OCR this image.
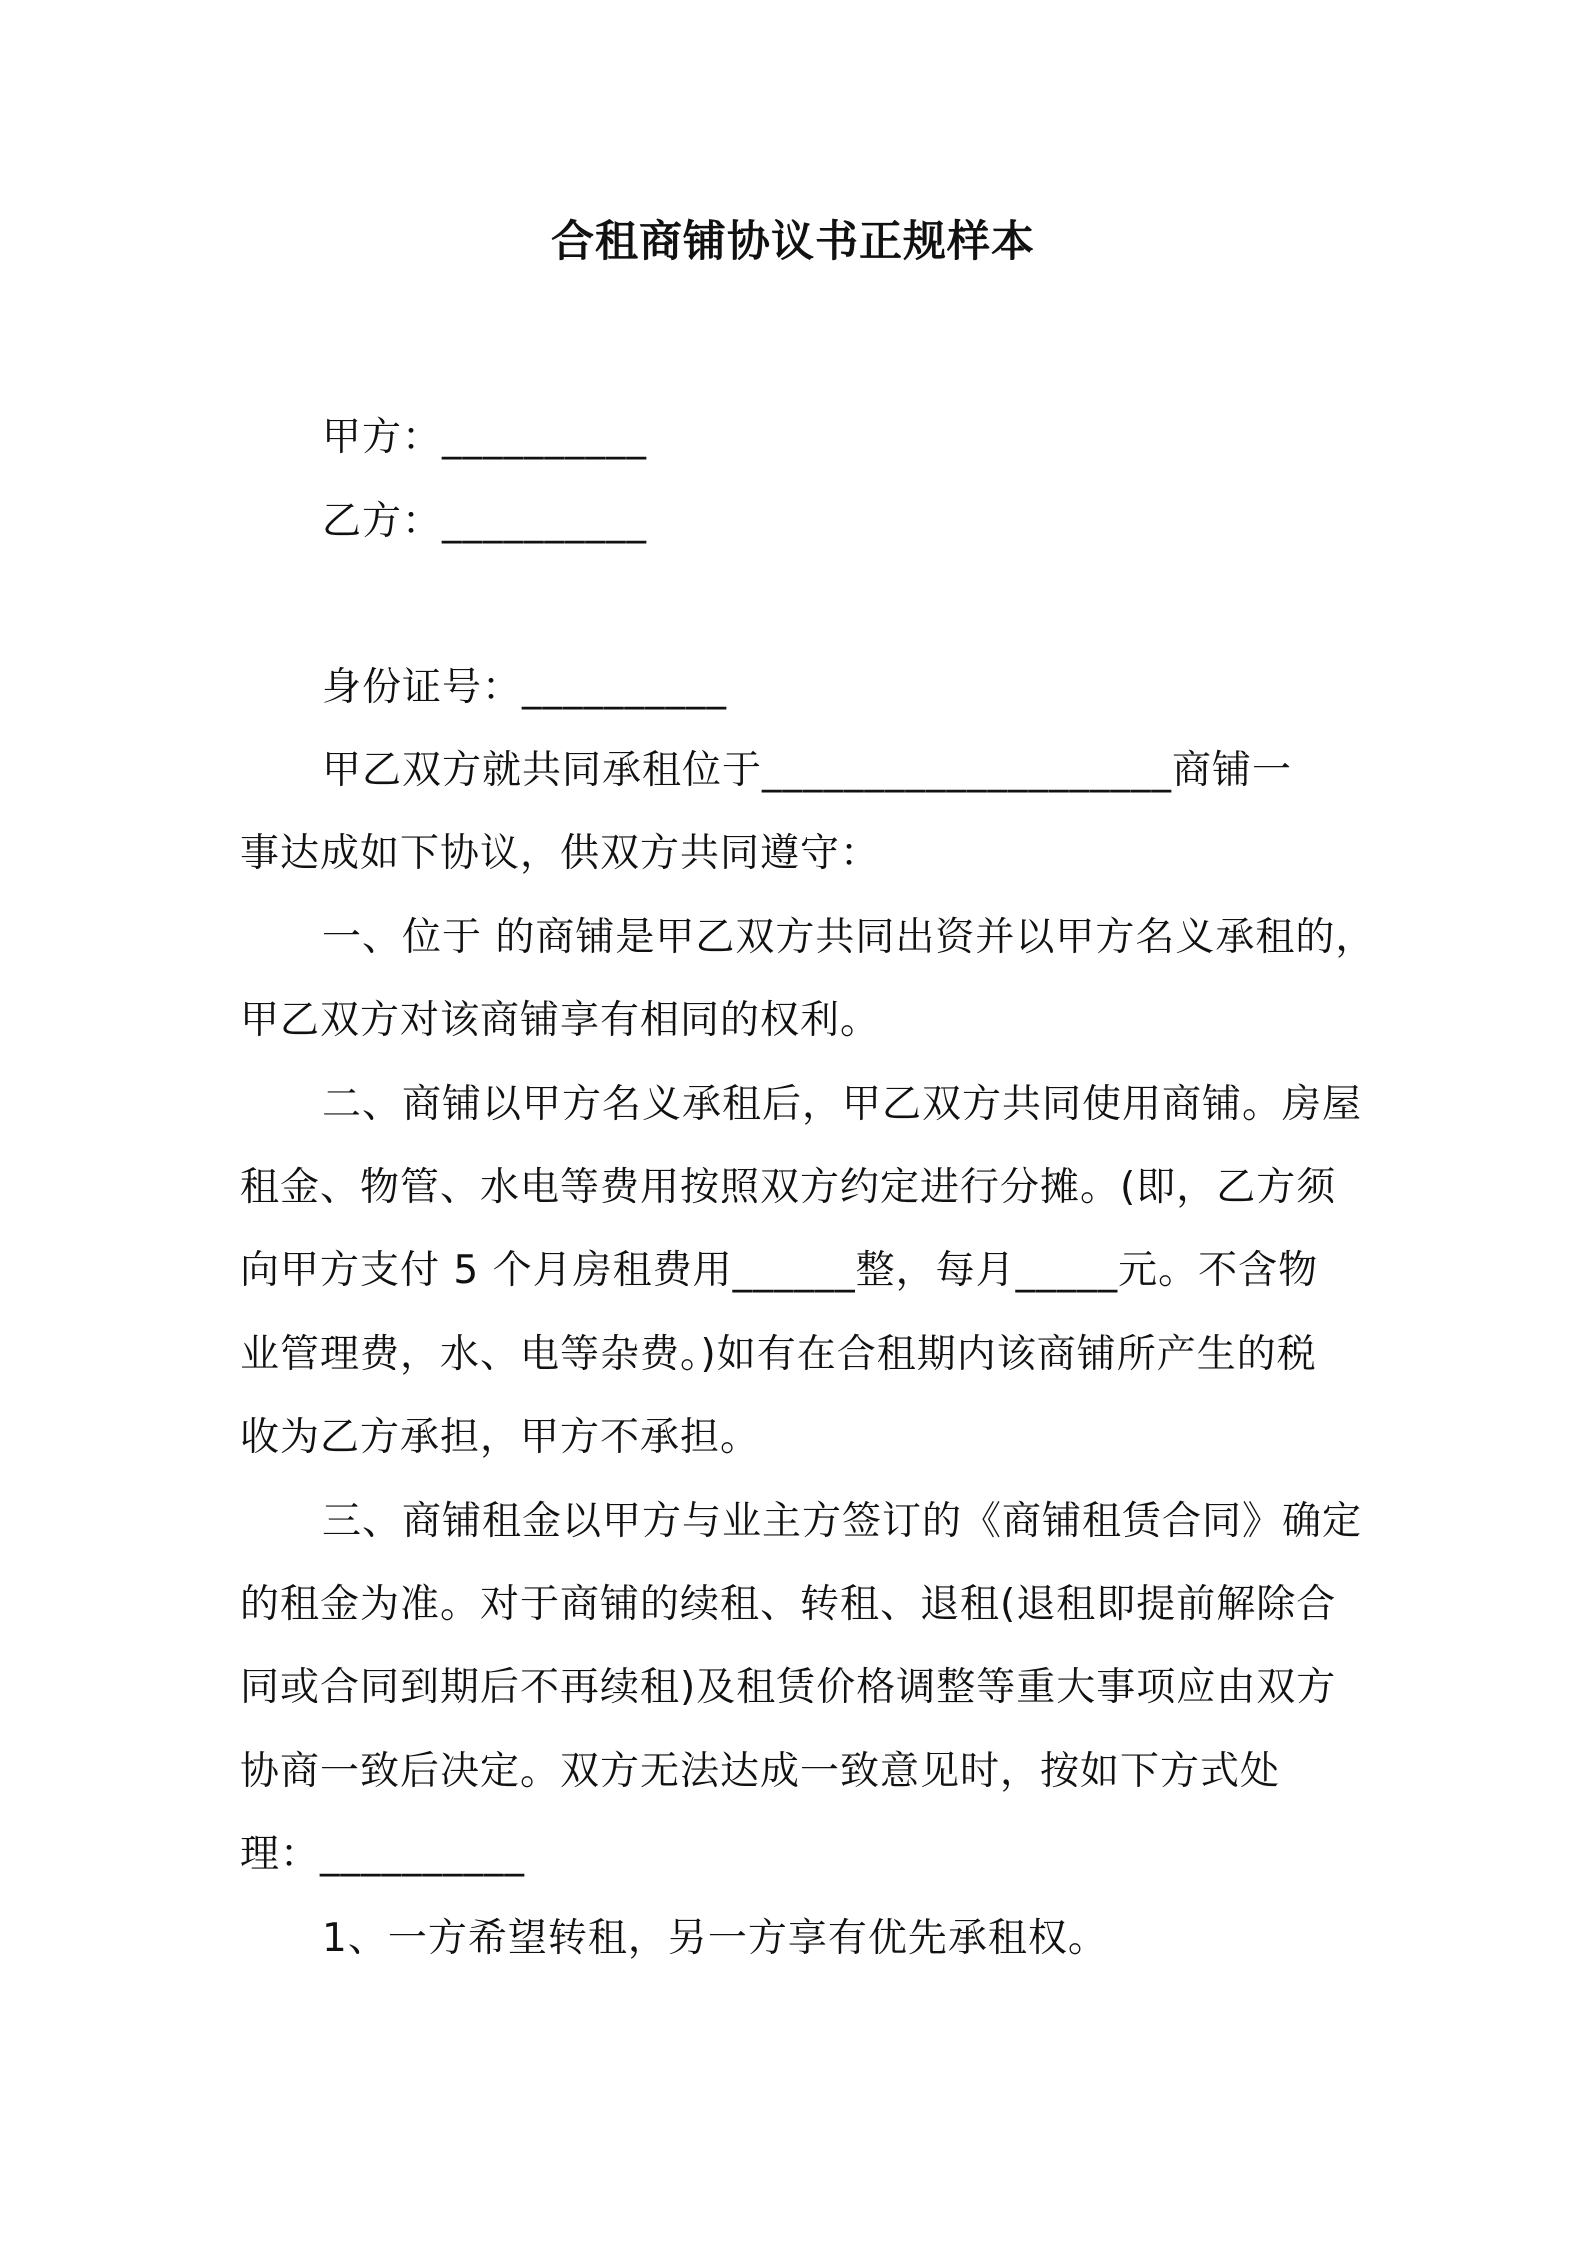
合租商铺协议书正规样本
甲方：__________
乙方：__________
身份证号：__________
甲乙双方就共同承租位于____________________商铺一
事达成如下协议，供双方共同遵守：
一、位于 的商铺是甲乙双方共同出资并以甲方名义承租的，
甲乙双方对该商铺享有相同的权利。
二、商铺以甲方名义承租后，甲乙双方共同使用商铺。房屋
租金、物管、水电等费用按照双方约定进行分摊。(即，乙方须
向甲方支付 5 个月房租费用______整，每月_____元。不含物
业管理费，水、电等杂费。)如有在合租期内该商铺所产生的税
收为乙方承担，甲方不承担。
三、商铺租金以甲方与业主方签订的《商铺租赁合同》确定
的租金为准。对于商铺的续租、转租、退租(退租即提前解除合
同或合同到期后不再续租)及租赁价格调整等重大事项应由双方
协商一致后决定。双方无法达成一致意见时，按如下方式处
理：__________
1、一方希望转租，另一方享有优先承租权。
